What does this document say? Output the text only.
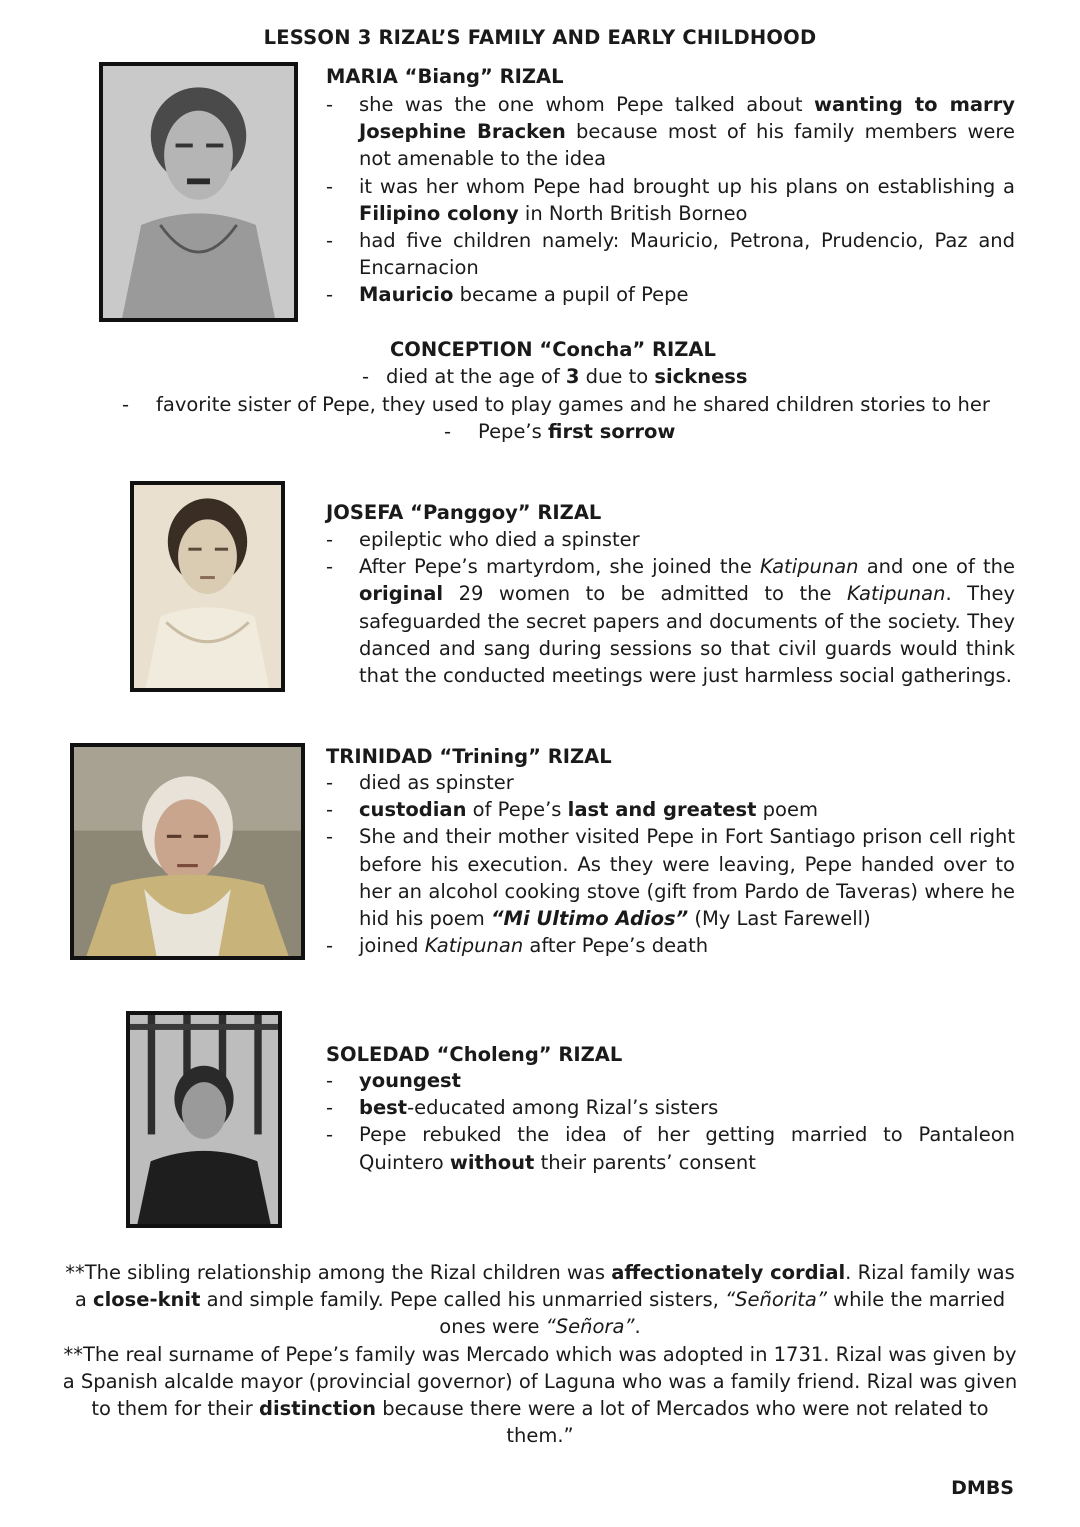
LESSON 3 RIZAL’S FAMILY AND EARLY CHILDHOOD
MARIA “Biang” RIZAL
- she was the one whom Pepe talked about wanting to marry Josephine Bracken because most of his family members were not amenable to the idea
- it was her whom Pepe had brought up his plans on establishing a Filipino colony in North British Borneo
- had five children namely: Mauricio, Petrona, Prudencio, Paz and Encarnacion
- Mauricio became a pupil of Pepe
CONCEPTION “Concha” RIZAL
- died at the age of 3 due to sickness
- favorite sister of Pepe, they used to play games and he shared children stories to her
- Pepe’s first sorrow
JOSEFA “Panggoy” RIZAL
- epileptic who died a spinster
- After Pepe’s martyrdom, she joined the Katipunan and one of the original 29 women to be admitted to the Katipunan. They safeguarded the secret papers and documents of the society. They danced and sang during sessions so that civil guards would think that the conducted meetings were just harmless social gatherings.
TRINIDAD “Trining” RIZAL
- died as spinster
- custodian of Pepe’s last and greatest poem
- She and their mother visited Pepe in Fort Santiago prison cell right before his execution. As they were leaving, Pepe handed over to her an alcohol cooking stove (gift from Pardo de Taveras) where he hid his poem “Mi Ultimo Adios” (My Last Farewell)
- joined Katipunan after Pepe’s death
SOLEDAD “Choleng” RIZAL
- youngest
- best-educated among Rizal’s sisters
- Pepe rebuked the idea of her getting married to Pantaleon Quintero without their parents’ consent

**The sibling relationship among the Rizal children was affectionately cordial. Rizal family was a close-knit and simple family. Pepe called his unmarried sisters, “Señorita” while the married ones were “Señora”.

**The real surname of Pepe’s family was Mercado which was adopted in 1731. Rizal was given by a Spanish alcalde mayor (provincial governor) of Laguna who was a family friend. Rizal was given to them for their distinction because there were a lot of Mercados who were not related to them.”

DMBS
